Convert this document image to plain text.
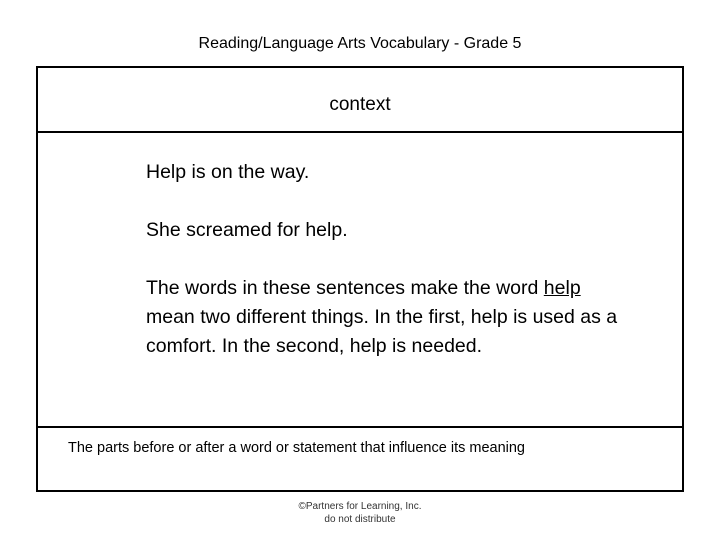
Reading/Language Arts Vocabulary - Grade 5
context

Help is on the way.

She screamed for help.

The words in these sentences make the word help mean two different things. In the first, help is used as a comfort. In the second, help is needed.

The parts before or after a word or statement that influence its meaning
©Partners for Learning, Inc.
do not distribute
